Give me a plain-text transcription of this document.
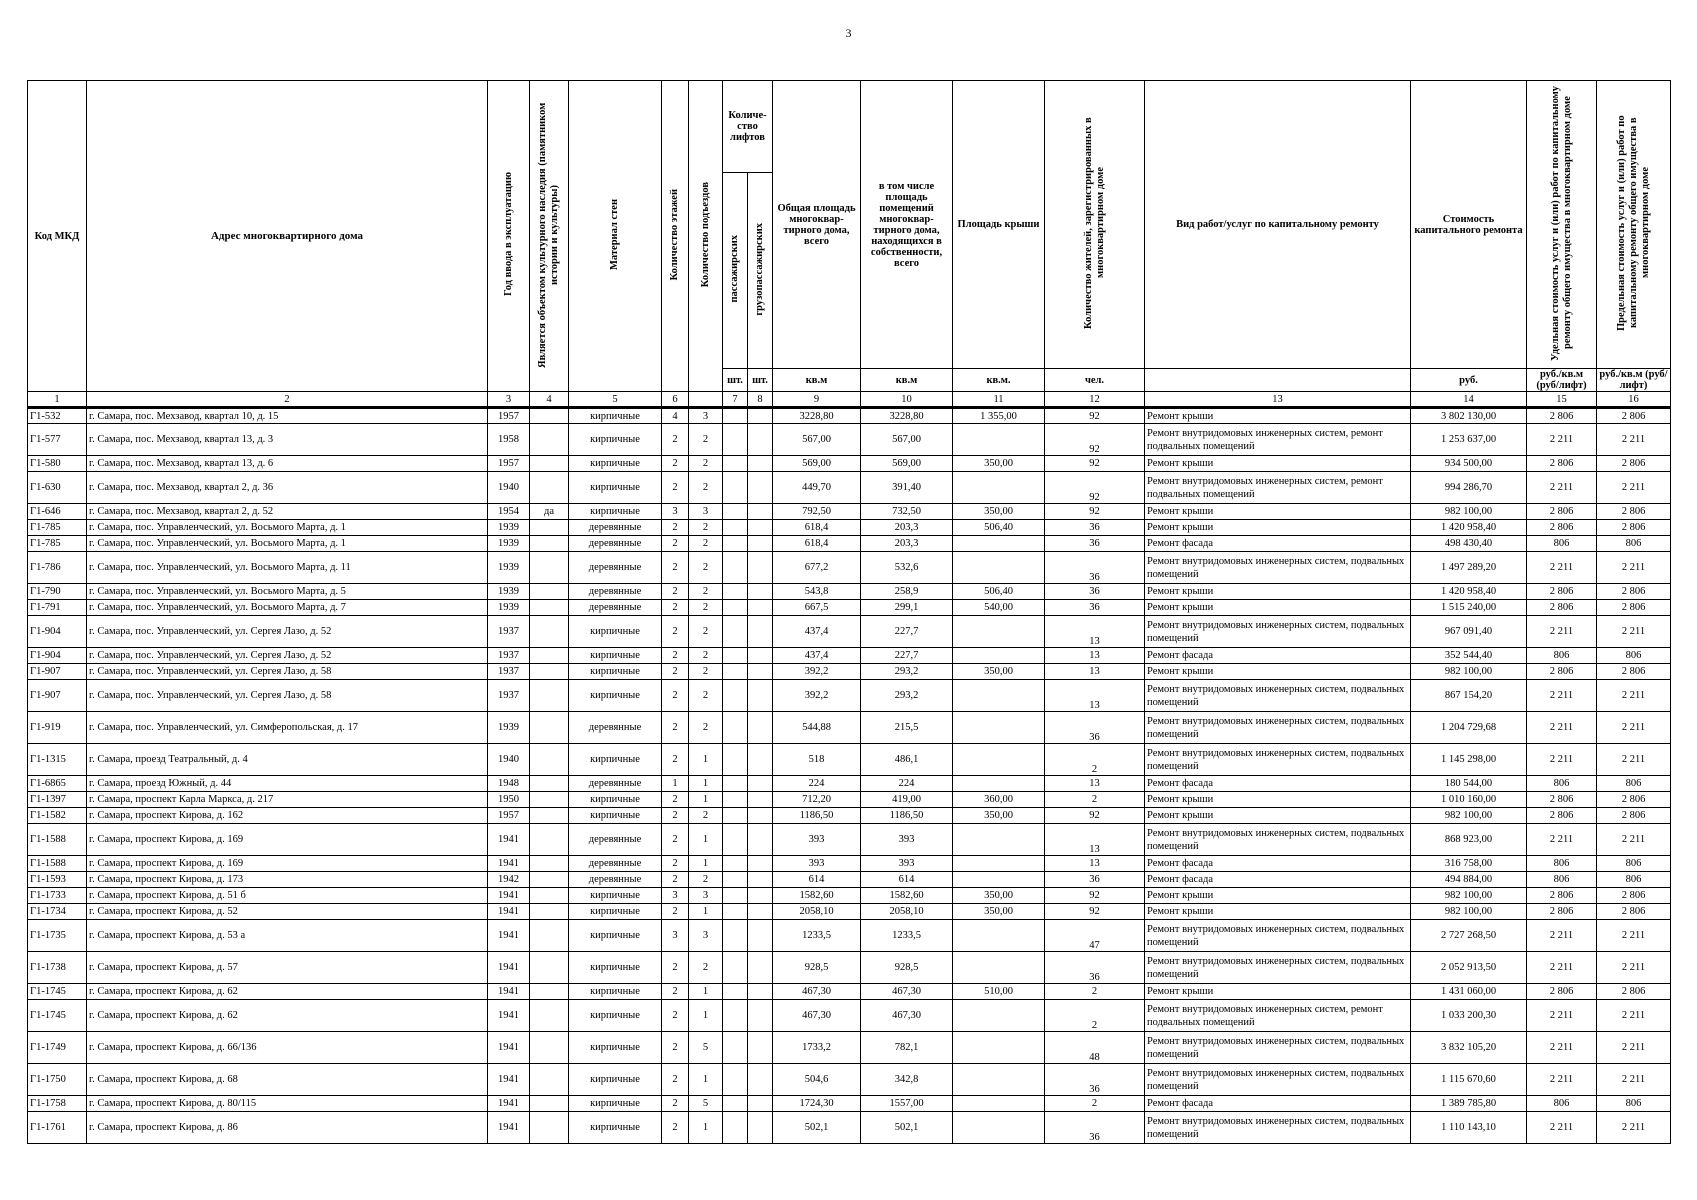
3
Код МКД	Адрес многоквартирного дома	Год ввода в эксплуатацию	Является объектом культурного наследия (памятником истории и культуры)	Материал стен	Количество этажей	Количество подъездов	Количе-ство лифтов		Общая площадь многоквар-тирного дома, всего	в том числе площадь помещений многоквар-тирного дома, находящихся в собственности, всего	Площадь крыши	Количество жителей, зарегистрированных в многоквартирном доме	Вид работ/услуг по капитальному ремонту	Стоимость капитального ремонта	Удельная стоимость услуг и (или) работ по капитальному ремонту общего имущества в многоквартирном доме	Предельная стоимость услуг и (или) работ по капитальному ремонту общего имущества в многоквартирном доме
							пассажирских	грузопассажирских								
							шт.	шт.	кв.м	кв.м	кв.м.	чел.		руб.	руб./кв.м (руб/лифт)	руб./кв.м (руб/лифт)
1	2	3	4	5	6		7	8	9	10	11	12	13	14	15	16
Г1-532	г. Самара, пос. Мехзавод, квартал 10, д. 15	1957		кирпичные	4	3			3228,80	3228,80	1 355,00	92	Ремонт крыши	3 802 130,00	2 806	2 806
Г1-577	г. Самара, пос. Мехзавод, квартал 13, д. 3	1958		кирпичные	2	2			567,00	567,00		92	Ремонт внутридомовых инженерных систем, ремонт подвальных помещений	1 253 637,00	2 211	2 211
Г1-580	г. Самара, пос. Мехзавод, квартал 13, д. 6	1957		кирпичные	2	2			569,00	569,00	350,00	92	Ремонт крыши	934 500,00	2 806	2 806
Г1-630	г. Самара, пос. Мехзавод, квартал 2, д. 36	1940		кирпичные	2	2			449,70	391,40		92	Ремонт внутридомовых инженерных систем, ремонт подвальных помещений	994 286,70	2 211	2 211
Г1-646	г. Самара, пос. Мехзавод, квартал 2, д. 52	1954	да	кирпичные	3	3			792,50	732,50	350,00	92	Ремонт крыши	982 100,00	2 806	2 806
Г1-785	г. Самара, пос. Управленческий, ул. Восьмого Марта, д. 1	1939		деревянные	2	2			618,4	203,3	506,40	36	Ремонт крыши	1 420 958,40	2 806	2 806
Г1-785	г. Самара, пос. Управленческий, ул. Восьмого Марта, д. 1	1939		деревянные	2	2			618,4	203,3		36	Ремонт фасада	498 430,40	806	806
Г1-786	г. Самара, пос. Управленческий, ул. Восьмого Марта, д. 11	1939		деревянные	2	2			677,2	532,6		36	Ремонт внутридомовых инженерных систем, подвальных помещений	1 497 289,20	2 211	2 211
Г1-790	г. Самара, пос. Управленческий, ул. Восьмого Марта, д. 5	1939		деревянные	2	2			543,8	258,9	506,40	36	Ремонт крыши	1 420 958,40	2 806	2 806
Г1-791	г. Самара, пос. Управленческий, ул. Восьмого Марта, д. 7	1939		деревянные	2	2			667,5	299,1	540,00	36	Ремонт крыши	1 515 240,00	2 806	2 806
Г1-904	г. Самара, пос. Управленческий, ул. Сергея Лазо, д. 52	1937		кирпичные	2	2			437,4	227,7		13	Ремонт внутридомовых инженерных систем, подвальных помещений	967 091,40	2 211	2 211
Г1-904	г. Самара, пос. Управленческий, ул. Сергея Лазо, д. 52	1937		кирпичные	2	2			437,4	227,7		13	Ремонт фасада	352 544,40	806	806
Г1-907	г. Самара, пос. Управленческий, ул. Сергея Лазо, д. 58	1937		кирпичные	2	2			392,2	293,2	350,00	13	Ремонт крыши	982 100,00	2 806	2 806
Г1-907	г. Самара, пос. Управленческий, ул. Сергея Лазо, д. 58	1937		кирпичные	2	2			392,2	293,2		13	Ремонт внутридомовых инженерных систем, подвальных помещений	867 154,20	2 211	2 211
Г1-919	г. Самара, пос. Управленческий, ул. Симферопольская, д. 17	1939		деревянные	2	2			544,88	215,5		36	Ремонт внутридомовых инженерных систем, подвальных помещений	1 204 729,68	2 211	2 211
Г1-1315	г. Самара, проезд Театральный, д. 4	1940		кирпичные	2	1			518	486,1		2	Ремонт внутридомовых инженерных систем, подвальных помещений	1 145 298,00	2 211	2 211
Г1-6865	г. Самара, проезд Южный, д. 44	1948		деревянные	1	1			224	224		13	Ремонт фасада	180 544,00	806	806
Г1-1397	г. Самара, проспект Карла Маркса, д. 217	1950		кирпичные	2	1			712,20	419,00	360,00	2	Ремонт крыши	1 010 160,00	2 806	2 806
Г1-1582	г. Самара, проспект Кирова, д. 162	1957		кирпичные	2	2			1186,50	1186,50	350,00	92	Ремонт крыши	982 100,00	2 806	2 806
Г1-1588	г. Самара, проспект Кирова, д. 169	1941		деревянные	2	1			393	393		13	Ремонт внутридомовых инженерных систем, подвальных помещений	868 923,00	2 211	2 211
Г1-1588	г. Самара, проспект Кирова, д. 169	1941		деревянные	2	1			393	393		13	Ремонт фасада	316 758,00	806	806
Г1-1593	г. Самара, проспект Кирова, д. 173	1942		деревянные	2	2			614	614		36	Ремонт фасада	494 884,00	806	806
Г1-1733	г. Самара, проспект Кирова, д. 51 б	1941		кирпичные	3	3			1582,60	1582,60	350,00	92	Ремонт крыши	982 100,00	2 806	2 806
Г1-1734	г. Самара, проспект Кирова, д. 52	1941		кирпичные	2	1			2058,10	2058,10	350,00	92	Ремонт крыши	982 100,00	2 806	2 806
Г1-1735	г. Самара, проспект Кирова, д. 53 а	1941		кирпичные	3	3			1233,5	1233,5		47	Ремонт внутридомовых инженерных систем, подвальных помещений	2 727 268,50	2 211	2 211
Г1-1738	г. Самара, проспект Кирова, д. 57	1941		кирпичные	2	2			928,5	928,5		36	Ремонт внутридомовых инженерных систем, подвальных помещений	2 052 913,50	2 211	2 211
Г1-1745	г. Самара, проспект Кирова, д. 62	1941		кирпичные	2	1			467,30	467,30	510,00	2	Ремонт крыши	1 431 060,00	2 806	2 806
Г1-1745	г. Самара, проспект Кирова, д. 62	1941		кирпичные	2	1			467,30	467,30		2	Ремонт внутридомовых инженерных систем, ремонт подвальных помещений	1 033 200,30	2 211	2 211
Г1-1749	г. Самара, проспект Кирова, д. 66/136	1941		кирпичные	2	5			1733,2	782,1		48	Ремонт внутридомовых инженерных систем, подвальных помещений	3 832 105,20	2 211	2 211
Г1-1750	г. Самара, проспект Кирова, д. 68	1941		кирпичные	2	1			504,6	342,8		36	Ремонт внутридомовых инженерных систем, подвальных помещений	1 115 670,60	2 211	2 211
Г1-1758	г. Самара, проспект Кирова, д. 80/115	1941		кирпичные	2	5			1724,30	1557,00		2	Ремонт фасада	1 389 785,80	806	806
Г1-1761	г. Самара, проспект Кирова, д. 86	1941		кирпичные	2	1			502,1	502,1		36	Ремонт внутридомовых инженерных систем, подвальных помещений	1 110 143,10	2 211	2 211
